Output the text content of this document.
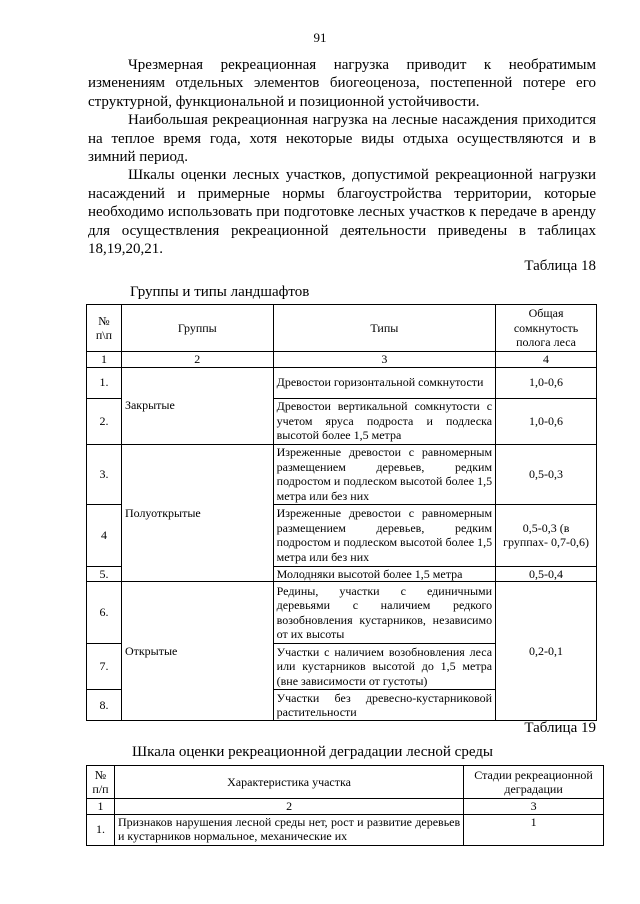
91

Чрезмерная рекреационная нагрузка приводит к необратимым изменениям отдельных элементов биогеоценоза, постепенной потере его структурной, функциональной и позиционной устойчивости.

Наибольшая рекреационная нагрузка на лесные насаждения приходится на теплое время года, хотя некоторые виды отдыха осуществляются и в зимний период.

Шкалы оценки лесных участков, допустимой рекреационной нагрузки насаждений и примерные нормы благоустройства территории, которые необходимо использовать при подготовке лесных участков к передаче в аренду для осуществления рекреационной деятельности приведены в таблицах 18,19,20,21.

Таблица 18
Группы и типы ландшафтов
№ п\п	Группы	Типы	Общая сомкнутость полога леса
1	2	3	4
1.	Закрытые	Древостои горизонтальной сомкнутости	1,0-0,6
2.		Древостои вертикальной сомкнутости с учетом яруса подроста и подлеска высотой более 1,5 метра	1,0-0,6
3.	Полуоткрытые	Изреженные древостои с равномерным размещением деревьев, редким подростом и подлеском высотой более 1,5 метра или без них	0,5-0,3
4		Изреженные древостои с равномерным размещением деревьев, редким подростом и подлеском высотой более 1,5 метра или без них	0,5-0,3 (в группах- 0,7-0,6)
5.		Молодняки высотой более 1,5 метра	0,5-0,4
6.	Открытые	Редины, участки с единичными деревьями с наличием редкого возобновления кустарников, независимо от их высоты	0,2-0,1
7.		Участки с наличием возобновления леса или кустарников высотой до 1,5 метра (вне зависимости от густоты)	
8.		Участки без древесно-кустарниковой растительности	
Таблица 19
Шкала оценки рекреационной деградации лесной среды
№ п/п	Характеристика участка	Стадии рекреационной деградации
1	2	3
1.	Признаков нарушения лесной среды нет, рост и развитие деревьев и кустарников нормальное, механические их	1
